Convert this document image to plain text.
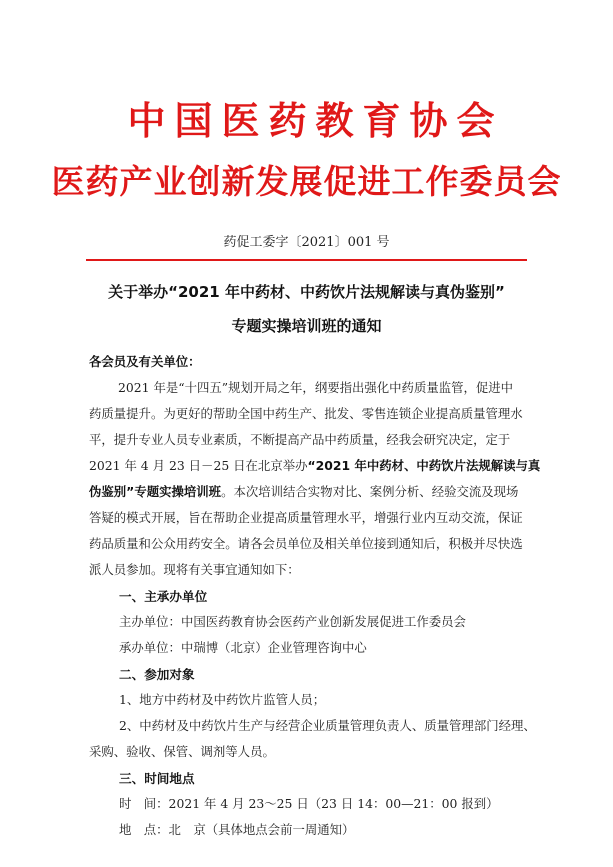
中国医药教育协会
医药产业创新发展促进工作委员会
药促工委字〔2021〕001 号
关于举办“2021 年中药材、中药饮片法规解读与真伪鉴别”
专题实操培训班的通知
各会员及有关单位：
2021 年是“十四五”规划开局之年，纲要指出强化中药质量监管，促进中
药质量提升。为更好的帮助全国中药生产、批发、零售连锁企业提高质量管理水
平，提升专业人员专业素质，不断提高产品中药质量，经我会研究决定，定于
2021 年 4 月 23 日－25 日在北京举办“2021 年中药材、中药饮片法规解读与真
伪鉴别”专题实操培训班。本次培训结合实物对比、案例分析、经验交流及现场
答疑的模式开展，旨在帮助企业提高质量管理水平，增强行业内互动交流，保证
药品质量和公众用药安全。请各会员单位及相关单位接到通知后，积极并尽快选
派人员参加。现将有关事宜通知如下：
一、主承办单位
主办单位：中国医药教育协会医药产业创新发展促进工作委员会
承办单位：中瑞博（北京）企业管理咨询中心
二、参加对象
1、地方中药材及中药饮片监管人员；
2、中药材及中药饮片生产与经营企业质量管理负责人、质量管理部门经理、
采购、验收、保管、调剂等人员。
三、时间地点
时　间：2021 年 4 月 23～25 日（23 日 14：00—21：00 报到）
地　点：北　京（具体地点会前一周通知）
